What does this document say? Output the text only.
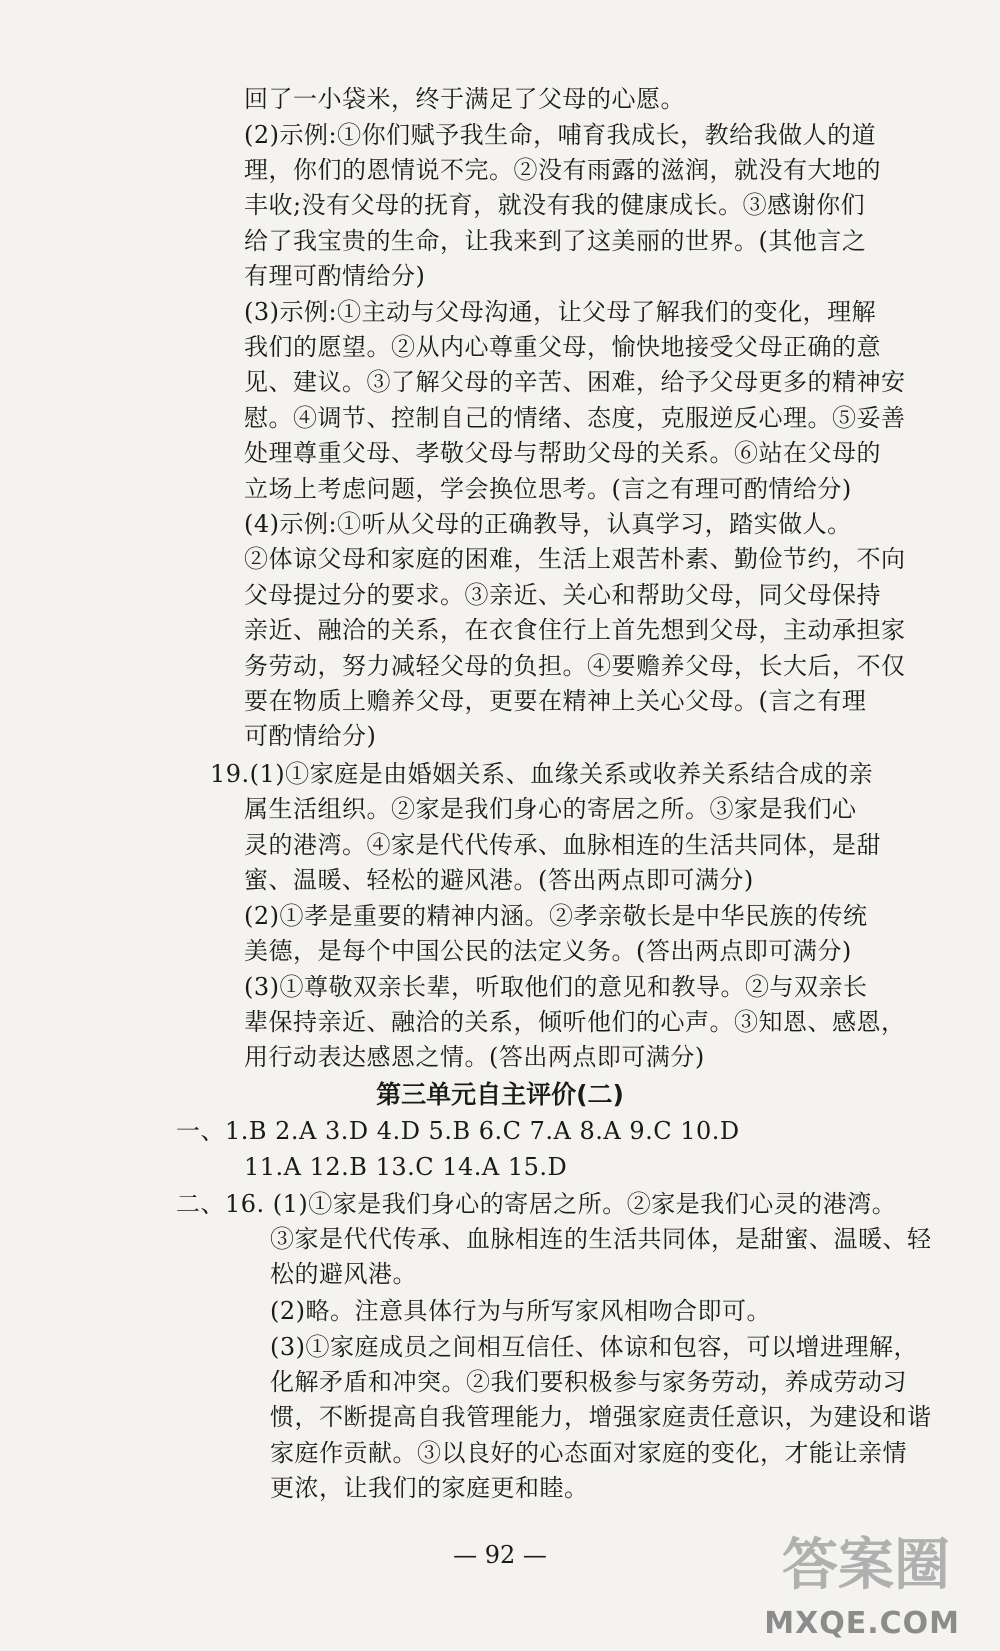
回了一小袋米，终于满足了父母的心愿。
(2)示例:①你们赋予我生命，哺育我成长，教给我做人的道
理，你们的恩情说不完。②没有雨露的滋润，就没有大地的
丰收;没有父母的抚育，就没有我的健康成长。③感谢你们
给了我宝贵的生命，让我来到了这美丽的世界。(其他言之
有理可酌情给分)
(3)示例:①主动与父母沟通，让父母了解我们的变化，理解
我们的愿望。②从内心尊重父母，愉快地接受父母正确的意
见、建议。③了解父母的辛苦、困难，给予父母更多的精神安
慰。④调节、控制自己的情绪、态度，克服逆反心理。⑤妥善
处理尊重父母、孝敬父母与帮助父母的关系。⑥站在父母的
立场上考虑问题，学会换位思考。(言之有理可酌情给分)
(4)示例:①听从父母的正确教导，认真学习，踏实做人。
②体谅父母和家庭的困难，生活上艰苦朴素、勤俭节约，不向
父母提过分的要求。③亲近、关心和帮助父母，同父母保持
亲近、融洽的关系，在衣食住行上首先想到父母，主动承担家
务劳动，努力减轻父母的负担。④要赡养父母，长大后，不仅
要在物质上赡养父母，更要在精神上关心父母。(言之有理
可酌情给分)
19.(1)①家庭是由婚姻关系、血缘关系或收养关系结合成的亲
属生活组织。②家是我们身心的寄居之所。③家是我们心
灵的港湾。④家是代代传承、血脉相连的生活共同体，是甜
蜜、温暖、轻松的避风港。(答出两点即可满分)
(2)①孝是重要的精神内涵。②孝亲敬长是中华民族的传统
美德，是每个中国公民的法定义务。(答出两点即可满分)
(3)①尊敬双亲长辈，听取他们的意见和教导。②与双亲长
辈保持亲近、融洽的关系，倾听他们的心声。③知恩、感恩，
用行动表达感恩之情。(答出两点即可满分)
第三单元自主评价(二)
一、1.B 2.A 3.D 4.D 5.B 6.C 7.A 8.A 9.C 10.D
11.A 12.B 13.C 14.A 15.D
二、16. (1)①家是我们身心的寄居之所。②家是我们心灵的港湾。
③家是代代传承、血脉相连的生活共同体，是甜蜜、温暖、轻
松的避风港。
(2)略。注意具体行为与所写家风相吻合即可。
(3)①家庭成员之间相互信任、体谅和包容，可以增进理解，
化解矛盾和冲突。②我们要积极参与家务劳动，养成劳动习
惯，不断提高自我管理能力，增强家庭责任意识，为建设和谐
家庭作贡献。③以良好的心态面对家庭的变化，才能让亲情
更浓，让我们的家庭更和睦。
— 92 —	答案圈
MXQE.COM
